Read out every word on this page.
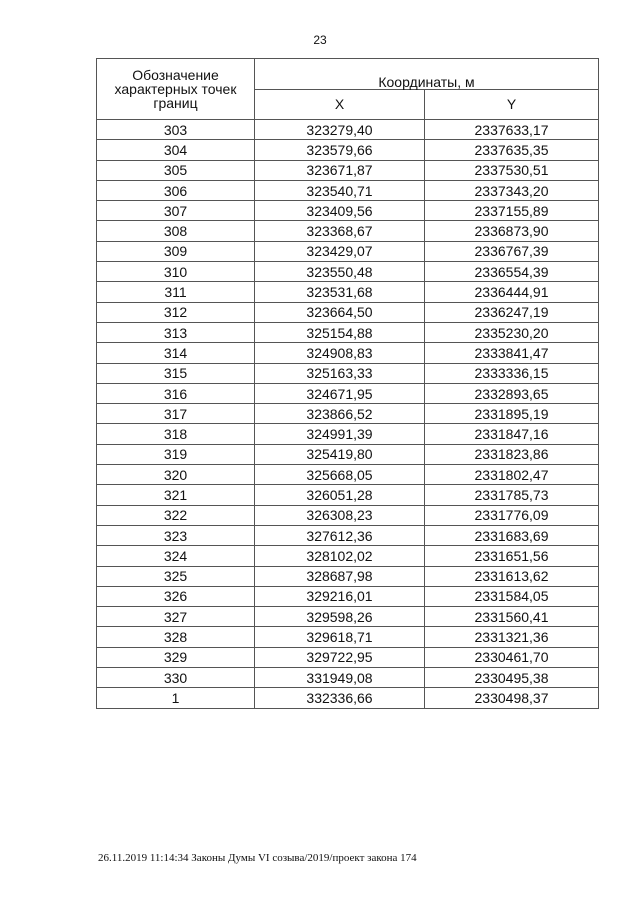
23
Обозначение характерных точек границ	Координаты, м	
	X	Y
303	323279,40	2337633,17
304	323579,66	2337635,35
305	323671,87	2337530,51
306	323540,71	2337343,20
307	323409,56	2337155,89
308	323368,67	2336873,90
309	323429,07	2336767,39
310	323550,48	2336554,39
311	323531,68	2336444,91
312	323664,50	2336247,19
313	325154,88	2335230,20
314	324908,83	2333841,47
315	325163,33	2333336,15
316	324671,95	2332893,65
317	323866,52	2331895,19
318	324991,39	2331847,16
319	325419,80	2331823,86
320	325668,05	2331802,47
321	326051,28	2331785,73
322	326308,23	2331776,09
323	327612,36	2331683,69
324	328102,02	2331651,56
325	328687,98	2331613,62
326	329216,01	2331584,05
327	329598,26	2331560,41
328	329618,71	2331321,36
329	329722,95	2330461,70
330	331949,08	2330495,38
1	332336,66	2330498,37
26.11.2019 11:14:34 Законы Думы VI созыва/2019/проект закона 174
